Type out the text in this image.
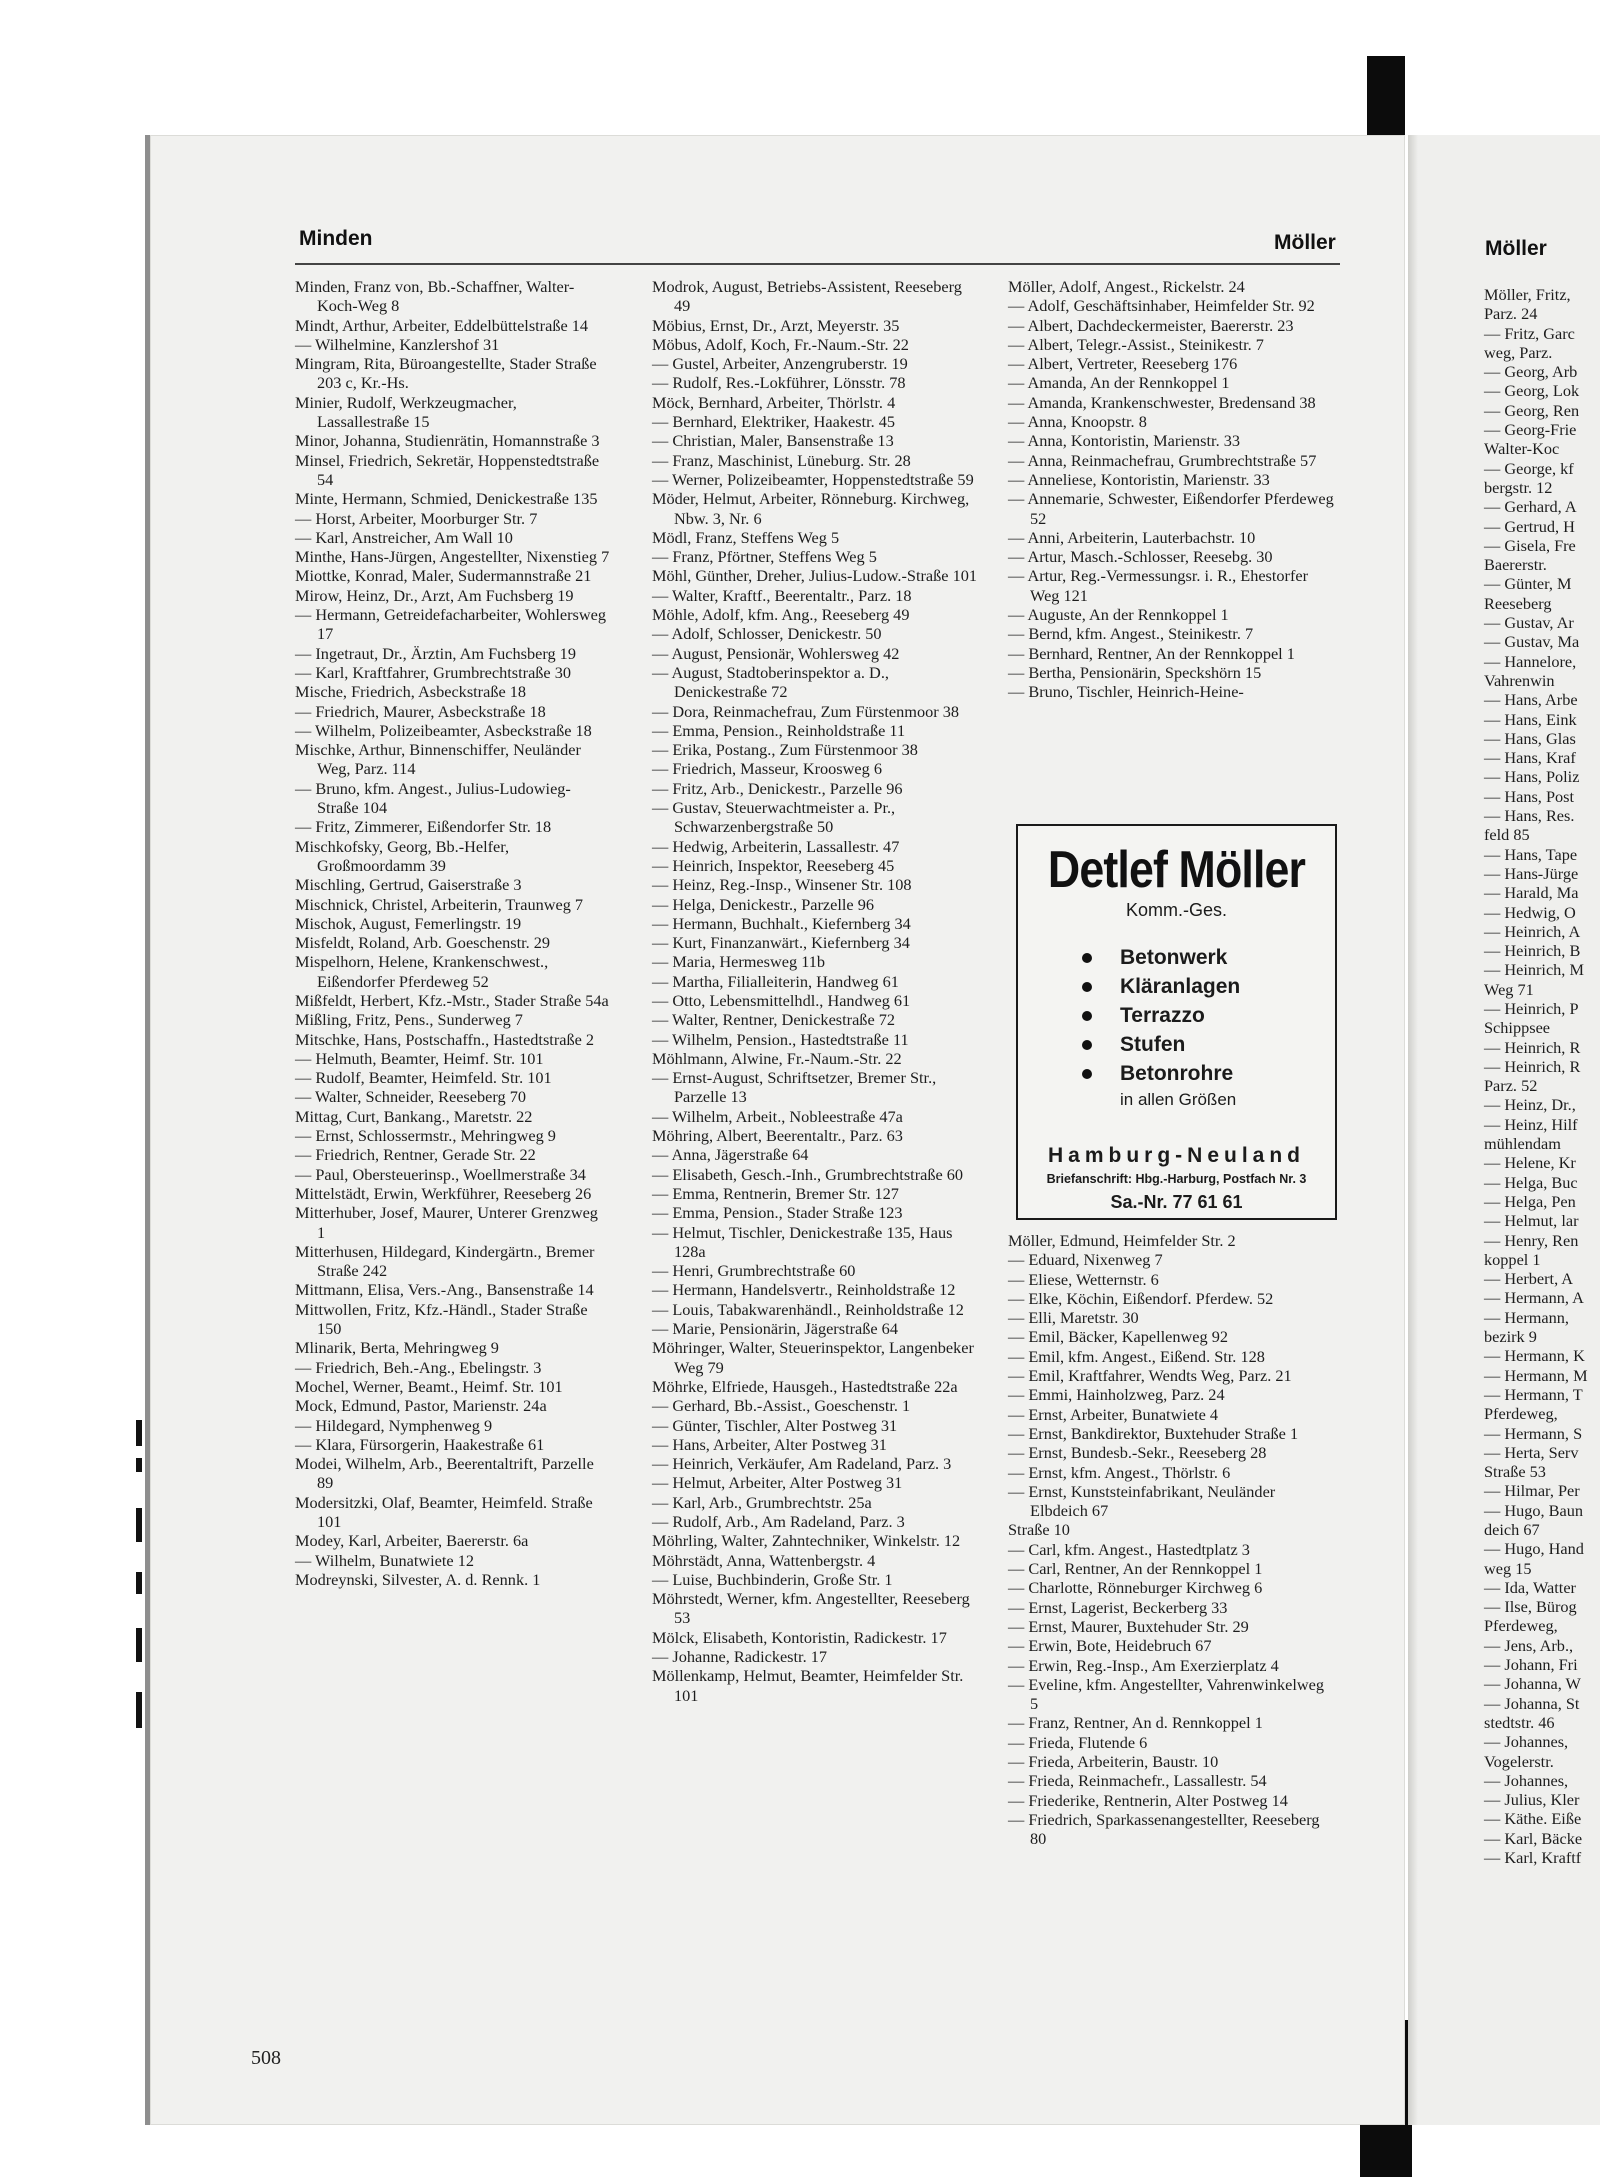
Minden	Möller

Minden, Franz von, Bb.-Schaffner, Walter-Koch-Weg 8

Mindt, Arthur, Arbeiter, Eddelbüttelstraße 14

— Wilhelmine, Kanzlershof 31

Mingram, Rita, Büroangestellte, Stader Straße 203 c, Kr.-Hs.

Minier, Rudolf, Werkzeugmacher, Lassallestraße 15

Minor, Johanna, Studienrätin, Homannstraße 3

Minsel, Friedrich, Sekretär, Hoppenstedtstraße 54

Minte, Hermann, Schmied, Denickestraße 135

— Horst, Arbeiter, Moorburger Str. 7

— Karl, Anstreicher, Am Wall 10

Minthe, Hans-Jürgen, Angestellter, Nixenstieg 7

Miottke, Konrad, Maler, Sudermannstraße 21

Mirow, Heinz, Dr., Arzt, Am Fuchsberg 19

— Hermann, Getreidefacharbeiter, Wohlersweg 17

— Ingetraut, Dr., Ärztin, Am Fuchsberg 19

— Karl, Kraftfahrer, Grumbrechtstraße 30

Mische, Friedrich, Asbeckstraße 18

— Friedrich, Maurer, Asbeckstraße 18

— Wilhelm, Polizeibeamter, Asbeckstraße 18

Mischke, Arthur, Binnenschiffer, Neuländer Weg, Parz. 114

— Bruno, kfm. Angest., Julius-Ludowieg-Straße 104

— Fritz, Zimmerer, Eißendorfer Str. 18

Mischkofsky, Georg, Bb.-Helfer, Großmoordamm 39

Mischling, Gertrud, Gaiserstraße 3

Mischnick, Christel, Arbeiterin, Traunweg 7

Mischok, August, Femerlingstr. 19

Misfeldt, Roland, Arb. Goeschenstr. 29

Mispelhorn, Helene, Krankenschwest., Eißendorfer Pferdeweg 52

Mißfeldt, Herbert, Kfz.-Mstr., Stader Straße 54a

Mißling, Fritz, Pens., Sunderweg 7

Mitschke, Hans, Postschaffn., Hastedtstraße 2

— Helmuth, Beamter, Heimf. Str. 101

— Rudolf, Beamter, Heimfeld. Str. 101

— Walter, Schneider, Reeseberg 70

Mittag, Curt, Bankang., Maretstr. 22

— Ernst, Schlossermstr., Mehringweg 9

— Friedrich, Rentner, Gerade Str. 22

— Paul, Obersteuerinsp., Woellmerstraße 34

Mittelstädt, Erwin, Werkführer, Reeseberg 26

Mitterhuber, Josef, Maurer, Unterer Grenzweg 1

Mitterhusen, Hildegard, Kindergärtn., Bremer Straße 242

Mittmann, Elisa, Vers.-Ang., Bansenstraße 14

Mittwollen, Fritz, Kfz.-Händl., Stader Straße 150

Mlinarik, Berta, Mehringweg 9

— Friedrich, Beh.-Ang., Ebelingstr. 3

Mochel, Werner, Beamt., Heimf. Str. 101

Mock, Edmund, Pastor, Marienstr. 24a

— Hildegard, Nymphenweg 9

— Klara, Fürsorgerin, Haakestraße 61

Modei, Wilhelm, Arb., Beerentaltrift, Parzelle 89

Modersitzki, Olaf, Beamter, Heimfeld. Straße 101

Modey, Karl, Arbeiter, Baererstr. 6a

— Wilhelm, Bunatwiete 12

Modreynski, Silvester, A. d. Rennk. 1

Modrok, August, Betriebs-Assistent, Reeseberg 49

Möbius, Ernst, Dr., Arzt, Meyerstr. 35

Möbus, Adolf, Koch, Fr.-Naum.-Str. 22

— Gustel, Arbeiter, Anzengruberstr. 19

— Rudolf, Res.-Lokführer, Lönsstr. 78

Möck, Bernhard, Arbeiter, Thörlstr. 4

— Bernhard, Elektriker, Haakestr. 45

— Christian, Maler, Bansenstraße 13

— Franz, Maschinist, Lüneburg. Str. 28

— Werner, Polizeibeamter, Hoppenstedtstraße 59

Möder, Helmut, Arbeiter, Rönneburg. Kirchweg, Nbw. 3, Nr. 6

Mödl, Franz, Steffens Weg 5

— Franz, Pförtner, Steffens Weg 5

Möhl, Günther, Dreher, Julius-Ludow.-Straße 101

— Walter, Kraftf., Beerentaltr., Parz. 18

Möhle, Adolf, kfm. Ang., Reeseberg 49

— Adolf, Schlosser, Denickestr. 50

— August, Pensionär, Wohlersweg 42

— August, Stadtoberinspektor a. D., Denickestraße 72

— Dora, Reinmachefrau, Zum Fürstenmoor 38

— Emma, Pension., Reinholdstraße 11

— Erika, Postang., Zum Fürstenmoor 38

— Friedrich, Masseur, Kroosweg 6

— Fritz, Arb., Denickestr., Parzelle 96

— Gustav, Steuerwachtmeister a. Pr., Schwarzenbergstraße 50

— Hedwig, Arbeiterin, Lassallestr. 47

— Heinrich, Inspektor, Reeseberg 45

— Heinz, Reg.-Insp., Winsener Str. 108

— Helga, Denickestr., Parzelle 96

— Hermann, Buchhalt., Kiefernberg 34

— Kurt, Finanzanwärt., Kiefernberg 34

— Maria, Hermesweg 11b

— Martha, Filialleiterin, Handweg 61

— Otto, Lebensmittelhdl., Handweg 61

— Walter, Rentner, Denickestraße 72

— Wilhelm, Pension., Hastedtstraße 11

Möhlmann, Alwine, Fr.-Naum.-Str. 22

— Ernst-August, Schriftsetzer, Bremer Str., Parzelle 13

— Wilhelm, Arbeit., Nobleestraße 47a

Möhring, Albert, Beerentaltr., Parz. 63

— Anna, Jägerstraße 64

— Elisabeth, Gesch.-Inh., Grumbrechtstraße 60

— Emma, Rentnerin, Bremer Str. 127

— Emma, Pension., Stader Straße 123

— Helmut, Tischler, Denickestraße 135, Haus 128a

— Henri, Grumbrechtstraße 60

— Hermann, Handelsvertr., Reinholdstraße 12

— Louis, Tabakwarenhändl., Reinholdstraße 12

— Marie, Pensionärin, Jägerstraße 64

Möhringer, Walter, Steuerinspektor, Langenbeker Weg 79

Möhrke, Elfriede, Hausgeh., Hastedtstraße 22a

— Gerhard, Bb.-Assist., Goeschenstr. 1

— Günter, Tischler, Alter Postweg 31

— Hans, Arbeiter, Alter Postweg 31

— Heinrich, Verkäufer, Am Radeland, Parz. 3

— Helmut, Arbeiter, Alter Postweg 31

— Karl, Arb., Grumbrechtstr. 25a

— Rudolf, Arb., Am Radeland, Parz. 3

Möhrling, Walter, Zahntechniker, Winkelstr. 12

Möhrstädt, Anna, Wattenbergstr. 4

— Luise, Buchbinderin, Große Str. 1

Möhrstedt, Werner, kfm. Angestellter, Reeseberg 53

Mölck, Elisabeth, Kontoristin, Radickestr. 17

— Johanne, Radickestr. 17

Möllenkamp, Helmut, Beamter, Heimfelder Str. 101

Möller, Adolf, Angest., Rickelstr. 24

— Adolf, Geschäftsinhaber, Heimfelder Str. 92

— Albert, Dachdeckermeister, Baererstr. 23

— Albert, Telegr.-Assist., Steinikestr. 7

— Albert, Vertreter, Reeseberg 176

— Amanda, An der Rennkoppel 1

— Amanda, Krankenschwester, Bredensand 38

— Anna, Knoopstr. 8

— Anna, Kontoristin, Marienstr. 33

— Anna, Reinmachefrau, Grumbrechtstraße 57

— Anneliese, Kontoristin, Marienstr. 33

— Annemarie, Schwester, Eißendorfer Pferdeweg 52

— Anni, Arbeiterin, Lauterbachstr. 10

— Artur, Masch.-Schlosser, Reesebg. 30

— Artur, Reg.-Vermessungsr. i. R., Ehestorfer Weg 121

— Auguste, An der Rennkoppel 1

— Bernd, kfm. Angest., Steinikestr. 7

— Bernhard, Rentner, An der Rennkoppel 1

— Bertha, Pensionärin, Speckshörn 15

— Bruno, Tischler, Heinrich-Heine-

Detlef Möller
Komm.-Ges.
Betonwerk
Kläranlagen
Terrazzo
Stufen
Betonrohre
in allen Größen
Hamburg-Neuland
Briefanschrift: Hbg.-Harburg, Postfach Nr. 3
Sa.-Nr. 77 61 61

Möller, Edmund, Heimfelder Str. 2

— Eduard, Nixenweg 7

— Eliese, Wetternstr. 6

— Elke, Köchin, Eißendorf. Pferdew. 52

— Elli, Maretstr. 30

— Emil, Bäcker, Kapellenweg 92

— Emil, kfm. Angest., Eißend. Str. 128

— Emil, Kraftfahrer, Wendts Weg, Parz. 21

— Emmi, Hainholzweg, Parz. 24

— Ernst, Arbeiter, Bunatwiete 4

— Ernst, Bankdirektor, Buxtehuder Straße 1

— Ernst, Bundesb.-Sekr., Reeseberg 28

— Ernst, kfm. Angest., Thörlstr. 6

— Ernst, Kunststeinfabrikant, Neuländer Elbdeich 67

Straße 10

— Carl, kfm. Angest., Hastedtplatz 3

— Carl, Rentner, An der Rennkoppel 1

— Charlotte, Rönneburger Kirchweg 6

— Ernst, Lagerist, Beckerberg 33

— Ernst, Maurer, Buxtehuder Str. 29

— Erwin, Bote, Heidebruch 67

— Erwin, Reg.-Insp., Am Exerzierplatz 4

— Eveline, kfm. Angestellter, Vahrenwinkelweg 5

— Franz, Rentner, An d. Rennkoppel 1

— Frieda, Flutende 6

— Frieda, Arbeiterin, Baustr. 10

— Frieda, Reinmachefr., Lassallestr. 54

— Friederike, Rentnerin, Alter Postweg 14

— Friedrich, Sparkassenangestellter, Reeseberg 80

508
Möller

Möller, Fritz,

Parz. 24

— Fritz, Garc

weg, Parz.

— Georg, Arb

— Georg, Lok

— Georg, Ren

— Georg-Frie

Walter-Koc

— George, kf

bergstr. 12

— Gerhard, A

— Gertrud, H

— Gisela, Fre

Baererstr.

— Günter, M

Reeseberg

— Gustav, Ar

— Gustav, Ma

— Hannelore,

Vahrenwin

— Hans, Arbe

— Hans, Eink

— Hans, Glas

— Hans, Kraf

— Hans, Poliz

— Hans, Post

— Hans, Res.

feld 85

— Hans, Tape

— Hans-Jürge

— Harald, Ma

— Hedwig, O

— Heinrich, A

— Heinrich, B

— Heinrich, M

Weg 71

— Heinrich, P

Schippsee

— Heinrich, R

— Heinrich, R

Parz. 52

— Heinz, Dr.,

— Heinz, Hilf

mühlendam

— Helene, Kr

— Helga, Buc

— Helga, Pen

— Helmut, lar

— Henry, Ren

koppel 1

— Herbert, A

— Hermann, A

— Hermann,

bezirk 9

— Hermann, K

— Hermann, M

— Hermann, T

Pferdeweg,

— Hermann, S

— Herta, Serv

Straße 53

— Hilmar, Per

— Hugo, Baun

deich 67

— Hugo, Hand

weg 15

— Ida, Watter

— Ilse, Bürog

Pferdeweg,

— Jens, Arb.,

— Johann, Fri

— Johanna, W

— Johanna, St

stedtstr. 46

— Johannes,

Vogelerstr.

— Johannes,

— Julius, Kler

— Käthe. Eiße

— Karl, Bäcke

— Karl, Kraftf
